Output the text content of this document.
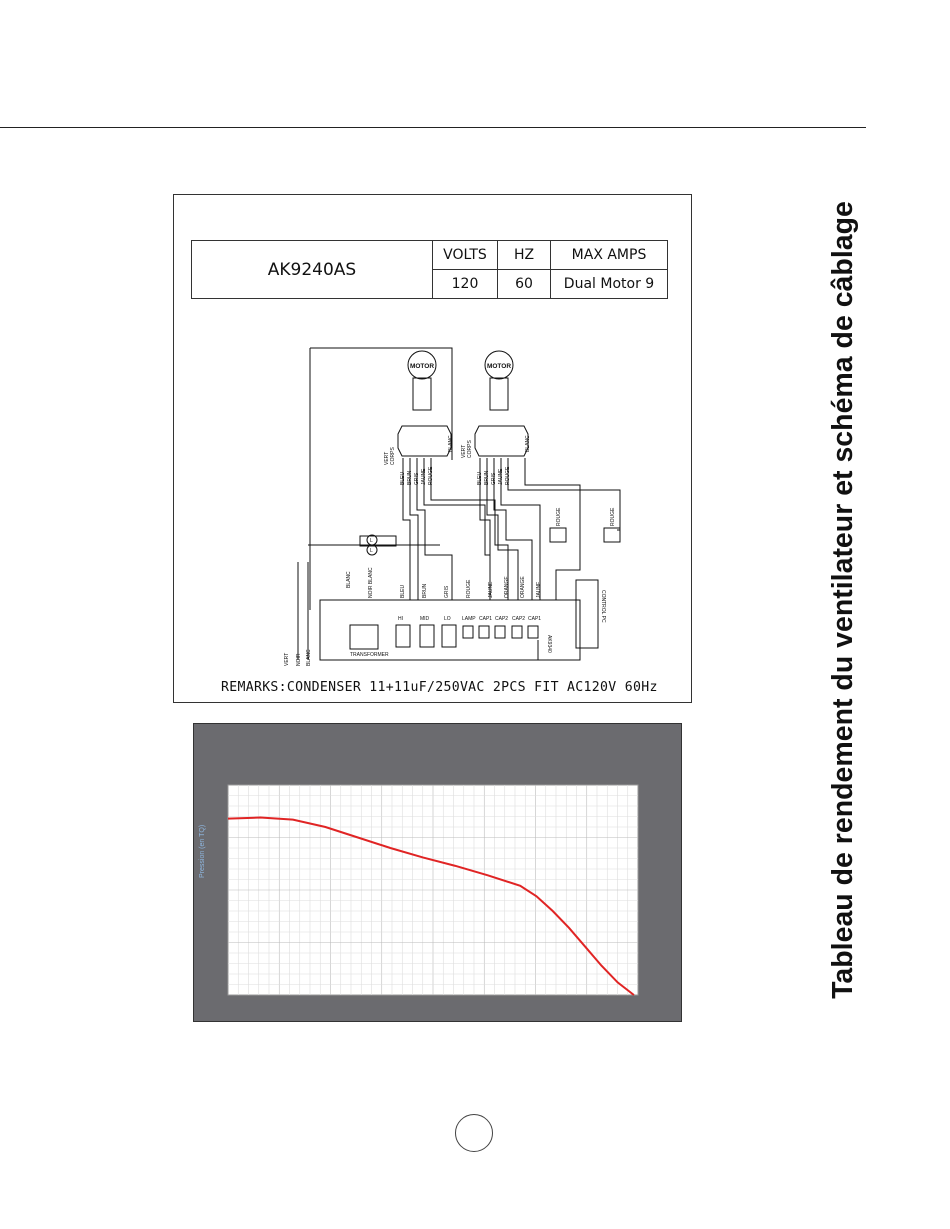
Tableau de rendement du ventilateur et schéma de câblage
AK9240AS	VOLTS	HZ	MAX AMPS
	120	60	Dual Motor 9
MOTOR	MOTOR
AK9340
TRANSFORMER
CONTROL PC
HI	MID	LO LAMP CAP1 CAP2 CAP2 CAP1
BLANC	NOIR BLANC	BLEU	BRUN	GRIS	ROUGE	JAUNE ORANGE ORANGE JAUNE
VERT CORPS	VERT CORPS
BLANC	BLANC
BLEU BRUN GRIS JAUNE ROUGE	BLEU BRUN GRIS JAUNE ROUGE
ROUGE	ROUGE
VERT NOIR BLANC
L
L
REMARKS:CONDENSER 11+11uF/250VAC 2PCS FIT AC120V 60Hz
Pression (en TQ)
